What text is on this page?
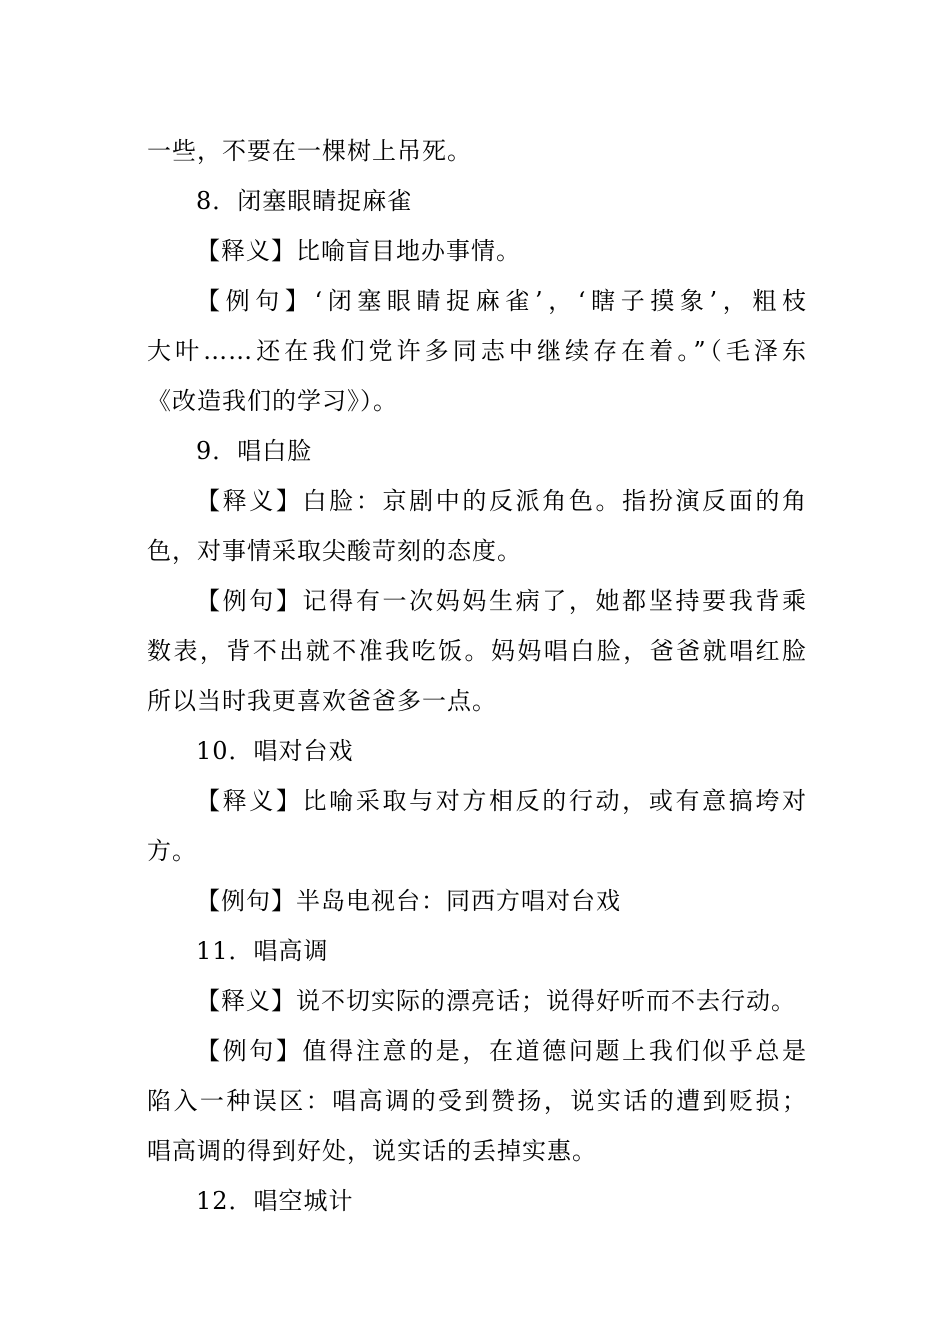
一些，不要在一棵树上吊死。
8．闭塞眼睛捉麻雀
【释义】比喻盲目地办事情。
【例句】‘闭塞眼睛捉麻雀’，‘瞎子摸象’，粗枝
大叶……还在我们党许多同志中继续存在着。”（毛泽东
《改造我们的学习》）。
9．唱白脸
【释义】白脸：京剧中的反派角色。指扮演反面的角
色，对事情采取尖酸苛刻的态度。
【例句】记得有一次妈妈生病了，她都坚持要我背乘
数表，背不出就不准我吃饭。妈妈唱白脸，爸爸就唱红脸
所以当时我更喜欢爸爸多一点。
10．唱对台戏
【释义】比喻采取与对方相反的行动，或有意搞垮对
方。
【例句】半岛电视台：同西方唱对台戏
11．唱高调
【释义】说不切实际的漂亮话；说得好听而不去行动。
【例句】值得注意的是，在道德问题上我们似乎总是
陷入一种误区：唱高调的受到赞扬，说实话的遭到贬损；
唱高调的得到好处，说实话的丢掉实惠。
12．唱空城计
